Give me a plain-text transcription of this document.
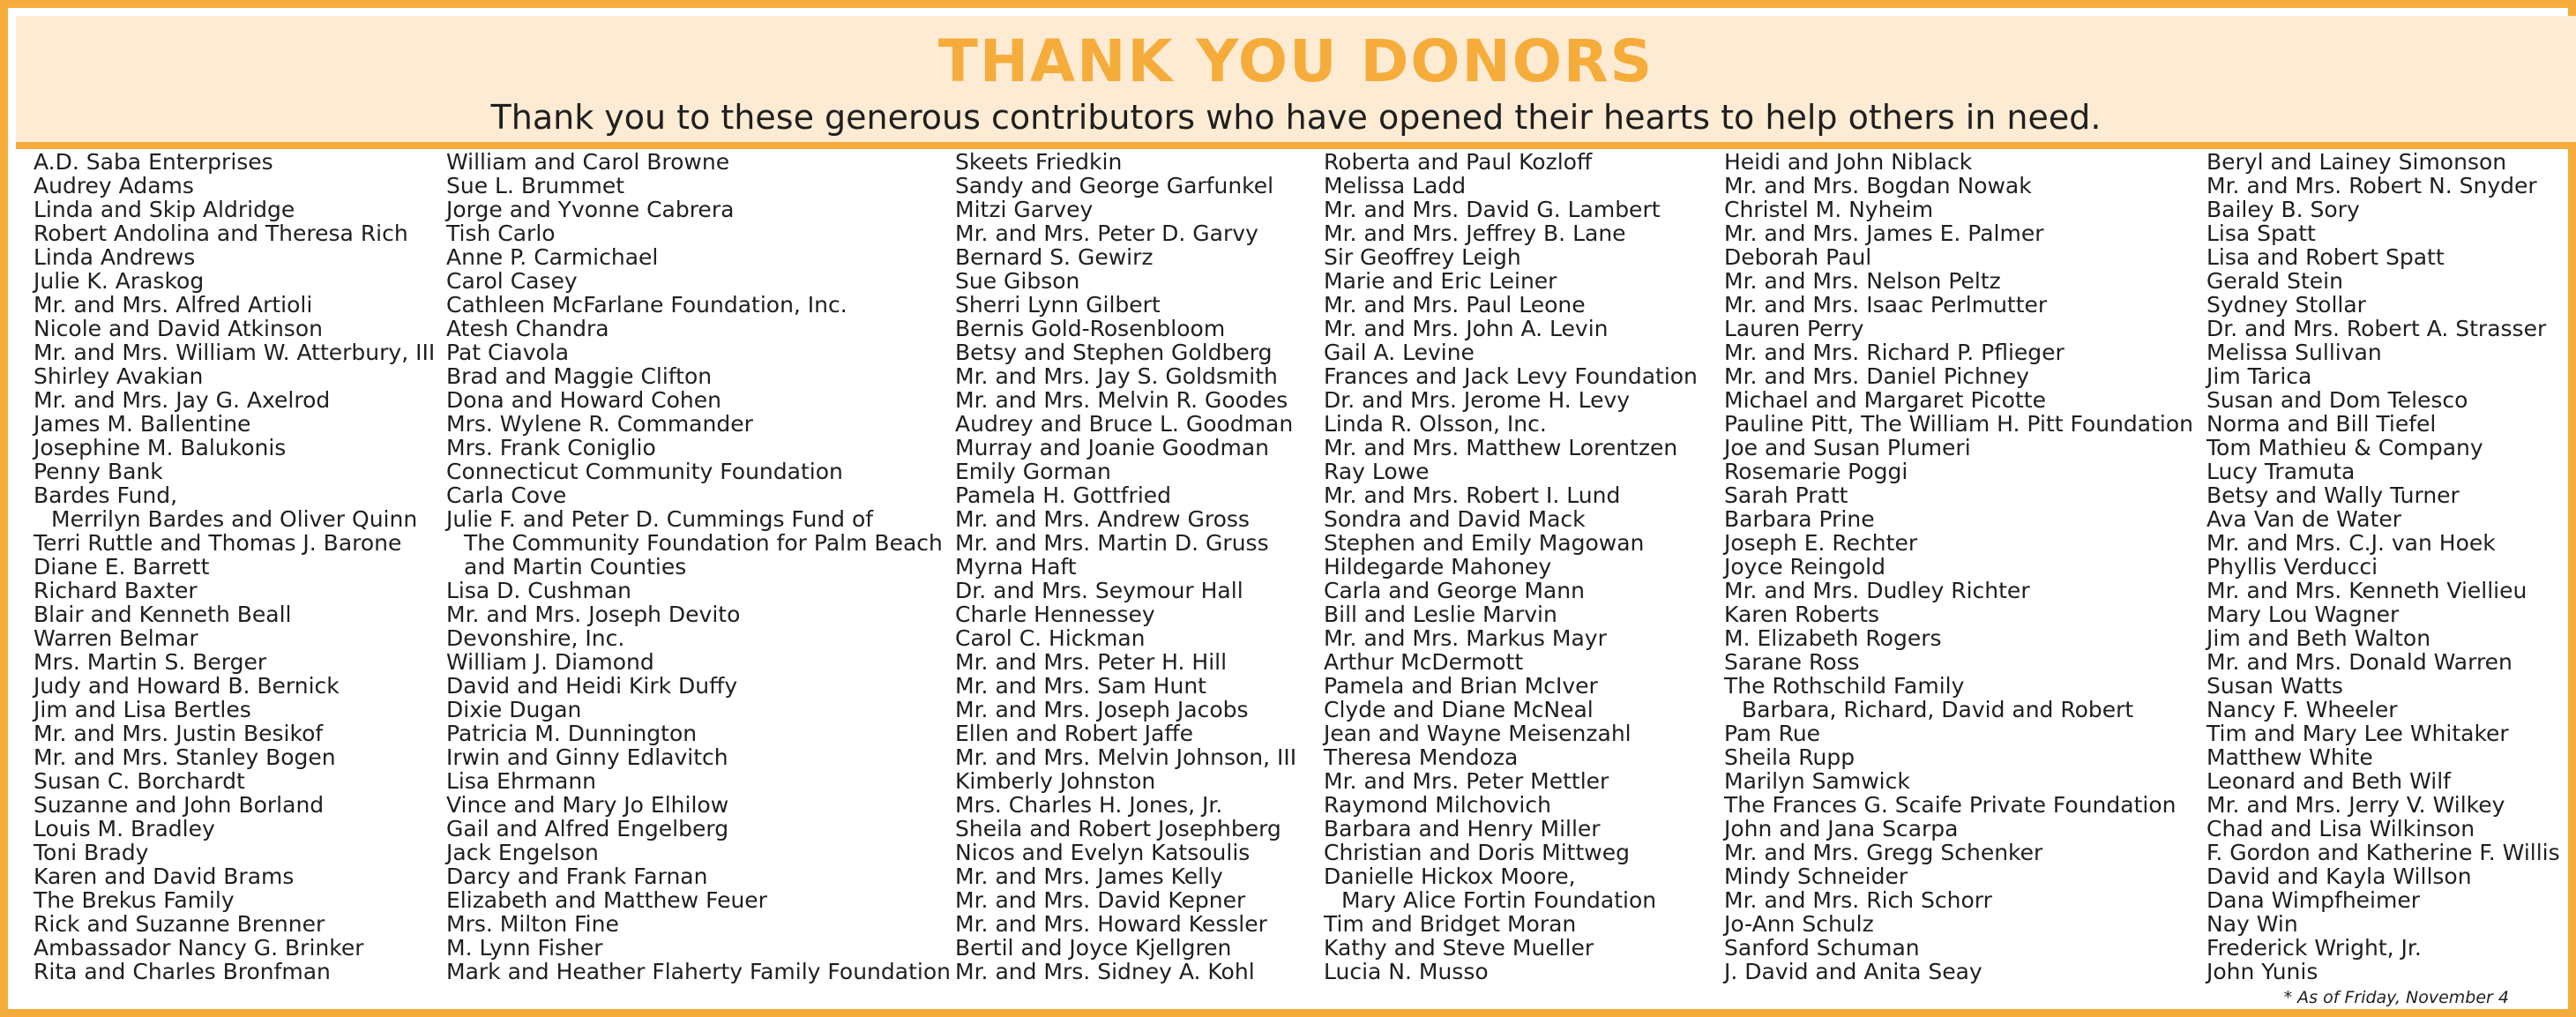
THANK YOU DONORS
Thank you to these generous contributors who have opened their hearts to help others in need.
A.D. Saba Enterprises
Audrey Adams
Linda and Skip Aldridge
Robert Andolina and Theresa Rich
Linda Andrews
Julie K. Araskog
Mr. and Mrs. Alfred Artioli
Nicole and David Atkinson
Mr. and Mrs. William W. Atterbury, III
Shirley Avakian
Mr. and Mrs. Jay G. Axelrod
James M. Ballentine
Josephine M. Balukonis
Penny Bank
Bardes Fund,
Merrilyn Bardes and Oliver Quinn
Terri Ruttle and Thomas J. Barone
Diane E. Barrett
Richard Baxter
Blair and Kenneth Beall
Warren Belmar
Mrs. Martin S. Berger
Judy and Howard B. Bernick
Jim and Lisa Bertles
Mr. and Mrs. Justin Besikof
Mr. and Mrs. Stanley Bogen
Susan C. Borchardt
Suzanne and John Borland
Louis M. Bradley
Toni Brady
Karen and David Brams
The Brekus Family
Rick and Suzanne Brenner
Ambassador Nancy G. Brinker
Rita and Charles Bronfman
William and Carol Browne
Sue L. Brummet
Jorge and Yvonne Cabrera
Tish Carlo
Anne P. Carmichael
Carol Casey
Cathleen McFarlane Foundation, Inc.
Atesh Chandra
Pat Ciavola
Brad and Maggie Clifton
Dona and Howard Cohen
Mrs. Wylene R. Commander
Mrs. Frank Coniglio
Connecticut Community Foundation
Carla Cove
Julie F. and Peter D. Cummings Fund of
The Community Foundation for Palm Beach
and Martin Counties
Lisa D. Cushman
Mr. and Mrs. Joseph Devito
Devonshire, Inc.
William J. Diamond
David and Heidi Kirk Duffy
Dixie Dugan
Patricia M. Dunnington
Irwin and Ginny Edlavitch
Lisa Ehrmann
Vince and Mary Jo Elhilow
Gail and Alfred Engelberg
Jack Engelson
Darcy and Frank Farnan
Elizabeth and Matthew Feuer
Mrs. Milton Fine
M. Lynn Fisher
Mark and Heather Flaherty Family Foundation
Skeets Friedkin
Sandy and George Garfunkel
Mitzi Garvey
Mr. and Mrs. Peter D. Garvy
Bernard S. Gewirz
Sue Gibson
Sherri Lynn Gilbert
Bernis Gold-Rosenbloom
Betsy and Stephen Goldberg
Mr. and Mrs. Jay S. Goldsmith
Mr. and Mrs. Melvin R. Goodes
Audrey and Bruce L. Goodman
Murray and Joanie Goodman
Emily Gorman
Pamela H. Gottfried
Mr. and Mrs. Andrew Gross
Mr. and Mrs. Martin D. Gruss
Myrna Haft
Dr. and Mrs. Seymour Hall
Charle Hennessey
Carol C. Hickman
Mr. and Mrs. Peter H. Hill
Mr. and Mrs. Sam Hunt
Mr. and Mrs. Joseph Jacobs
Ellen and Robert Jaffe
Mr. and Mrs. Melvin Johnson, III
Kimberly Johnston
Mrs. Charles H. Jones, Jr.
Sheila and Robert Josephberg
Nicos and Evelyn Katsoulis
Mr. and Mrs. James Kelly
Mr. and Mrs. David Kepner
Mr. and Mrs. Howard Kessler
Bertil and Joyce Kjellgren
Mr. and Mrs. Sidney A. Kohl
Roberta and Paul Kozloff
Melissa Ladd
Mr. and Mrs. David G. Lambert
Mr. and Mrs. Jeffrey B. Lane
Sir Geoffrey Leigh
Marie and Eric Leiner
Mr. and Mrs. Paul Leone
Mr. and Mrs. John A. Levin
Gail A. Levine
Frances and Jack Levy Foundation
Dr. and Mrs. Jerome H. Levy
Linda R. Olsson, Inc.
Mr. and Mrs. Matthew Lorentzen
Ray Lowe
Mr. and Mrs. Robert I. Lund
Sondra and David Mack
Stephen and Emily Magowan
Hildegarde Mahoney
Carla and George Mann
Bill and Leslie Marvin
Mr. and Mrs. Markus Mayr
Arthur McDermott
Pamela and Brian McIver
Clyde and Diane McNeal
Jean and Wayne Meisenzahl
Theresa Mendoza
Mr. and Mrs. Peter Mettler
Raymond Milchovich
Barbara and Henry Miller
Christian and Doris Mittweg
Danielle Hickox Moore,
Mary Alice Fortin Foundation
Tim and Bridget Moran
Kathy and Steve Mueller
Lucia N. Musso
Heidi and John Niblack
Mr. and Mrs. Bogdan Nowak
Christel M. Nyheim
Mr. and Mrs. James E. Palmer
Deborah Paul
Mr. and Mrs. Nelson Peltz
Mr. and Mrs. Isaac Perlmutter
Lauren Perry
Mr. and Mrs. Richard P. Pflieger
Mr. and Mrs. Daniel Pichney
Michael and Margaret Picotte
Pauline Pitt, The William H. Pitt Foundation
Joe and Susan Plumeri
Rosemarie Poggi
Sarah Pratt
Barbara Prine
Joseph E. Rechter
Joyce Reingold
Mr. and Mrs. Dudley Richter
Karen Roberts
M. Elizabeth Rogers
Sarane Ross
The Rothschild Family
Barbara, Richard, David and Robert
Pam Rue
Sheila Rupp
Marilyn Samwick
The Frances G. Scaife Private Foundation
John and Jana Scarpa
Mr. and Mrs. Gregg Schenker
Mindy Schneider
Mr. and Mrs. Rich Schorr
Jo-Ann Schulz
Sanford Schuman
J. David and Anita Seay
Beryl and Lainey Simonson
Mr. and Mrs. Robert N. Snyder
Bailey B. Sory
Lisa Spatt
Lisa and Robert Spatt
Gerald Stein
Sydney Stollar
Dr. and Mrs. Robert A. Strasser
Melissa Sullivan
Jim Tarica
Susan and Dom Telesco
Norma and Bill Tiefel
Tom Mathieu & Company
Lucy Tramuta
Betsy and Wally Turner
Ava Van de Water
Mr. and Mrs. C.J. van Hoek
Phyllis Verducci
Mr. and Mrs. Kenneth Viellieu
Mary Lou Wagner
Jim and Beth Walton
Mr. and Mrs. Donald Warren
Susan Watts
Nancy F. Wheeler
Tim and Mary Lee Whitaker
Matthew White
Leonard and Beth Wilf
Mr. and Mrs. Jerry V. Wilkey
Chad and Lisa Wilkinson
F. Gordon and Katherine F. Willis
David and Kayla Willson
Dana Wimpfheimer
Nay Win
Frederick Wright, Jr.
John Yunis
* As of Friday, November 4
